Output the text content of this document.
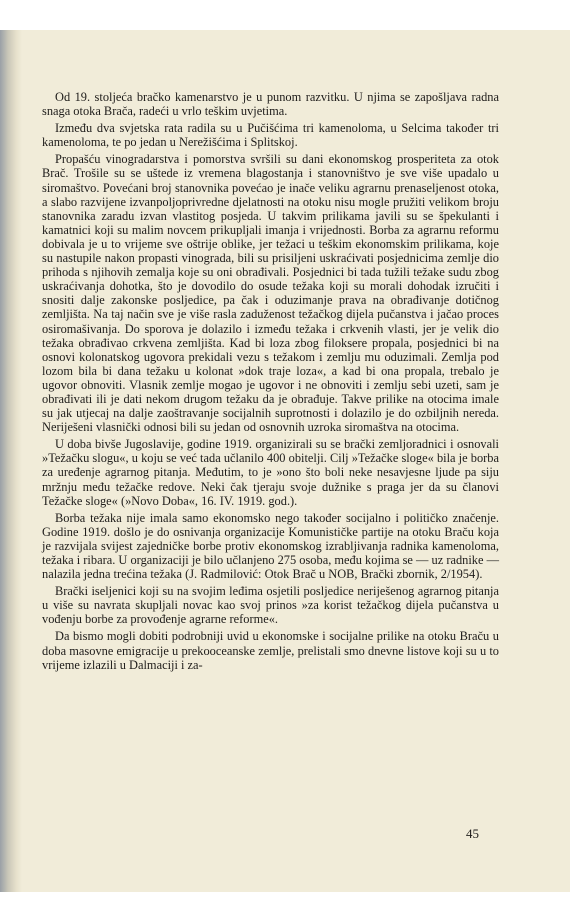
Od 19. stoljeća bračko kamenarstvo je u punom razvitku. U njima se zapošljava radna snaga otoka Brača, radeći u vrlo teškim uvjetima.

Između dva svjetska rata radila su u Pučišćima tri kamenoloma, u Selcima također tri kamenoloma, te po jedan u Nerežišćima i Splitskoj.

Propašću vinogradarstva i pomorstva svršili su dani ekonomskog prosperiteta za otok Brač. Trošile su se uštede iz vremena blagostanja i stanovništvo je sve više upadalo u siromaštvo. Povećani broj stanovnika povećao je inače veliku agrarnu prenaseljenost otoka, a slabo razvijene izvanpoljoprivredne djelatnosti na otoku nisu mogle pružiti velikom broju stanovnika zaradu izvan vlastitog posjeda. U takvim prilikama javili su se špekulanti i kamatnici koji su malim novcem prikupljali imanja i vrijednosti. Borba za agrarnu reformu dobivala je u to vrijeme sve oštrije oblike, jer težaci u teškim ekonomskim prilikama, koje su nastupile nakon propasti vinograda, bili su prisiljeni uskraćivati posjednicima zemlje dio prihoda s njihovih zemalja koje su oni obrađivali. Posjednici bi tada tužili težake sudu zbog uskraćivanja dohotka, što je dovodilo do osude težaka koji su morali dohodak izručiti i snositi dalje zakonske posljedice, pa čak i oduzimanje prava na obrađivanje dotičnog zemljišta. Na taj način sve je više rasla zaduženost težačkog dijela pučanstva i jačao proces osiromašivanja. Do sporova je dolazilo i između težaka i crkvenih vlasti, jer je velik dio težaka obrađivao crkvena zemljišta. Kad bi loza zbog filoksere propala, posjednici bi na osnovi kolonatskog ugovora prekidali vezu s težakom i zemlju mu oduzimali. Zemlja pod lozom bila bi dana težaku u kolonat »dok traje loza«, a kad bi ona propala, trebalo je ugovor obnoviti. Vlasnik zemlje mogao je ugovor i ne obnoviti i zemlju sebi uzeti, sam je obrađivati ili je dati nekom drugom težaku da je obrađuje. Takve prilike na otocima imale su jak utjecaj na dalje zaoštravanje socijalnih suprotnosti i dolazilo je do ozbiljnih nereda. Neriješeni vlasnički odnosi bili su jedan od osnovnih uzroka siromaštva na otocima.

U doba bivše Jugoslavije, godine 1919. organizirali su se brački zemljoradnici i osnovali »Težačku slogu«, u koju se već tada učlanilo 400 obitelji. Cilj »Težačke sloge« bila je borba za uređenje agrarnog pitanja. Međutim, to je »ono što boli neke nesavjesne ljude pa siju mržnju među težačke redove. Neki čak tjeraju svoje dužnike s praga jer da su članovi Težačke sloge« (»Novo Doba«, 16. IV. 1919. god.).

Borba težaka nije imala samo ekonomsko nego također socijalno i političko značenje. Godine 1919. došlo je do osnivanja organizacije Komunističke partije na otoku Braču koja je razvijala svijest zajedničke borbe protiv ekonomskog izrabljivanja radnika kamenoloma, težaka i ribara. U organizaciji je bilo učlanjeno 275 osoba, među kojima se — uz radnike — nalazila jedna trećina težaka (J. Radmilović: Otok Brač u NOB, Brački zbornik, 2/1954).

Brački iseljenici koji su na svojim leđima osjetili posljedice neriješenog agrarnog pitanja u više su navrata skupljali novac kao svoj prinos »za korist težačkog dijela pučanstva u vođenju borbe za provođenje agrarne reforme«.

Da bismo mogli dobiti podrobniji uvid u ekonomske i socijalne prilike na otoku Braču u doba masovne emigracije u prekooceanske zemlje, prelistali smo dnevne listove koji su u to vrijeme izlazili u Dalmaciji i za-

45
